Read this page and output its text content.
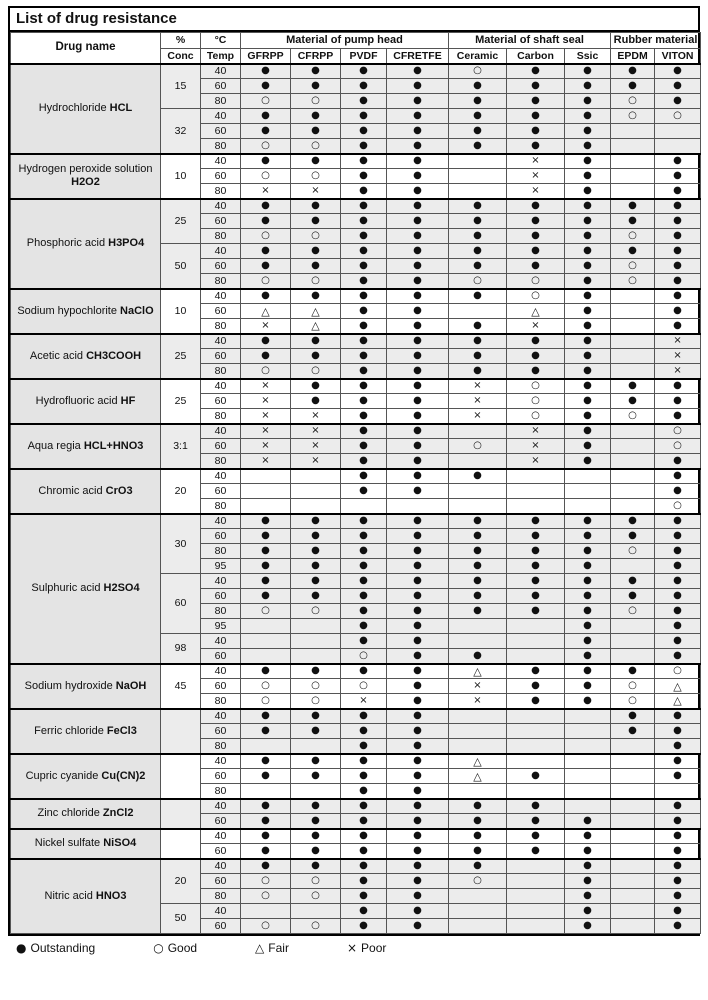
List of drug resistance
Drug name	%	°C	Material of pump head				Material of shaft seal			Rubber material	
	Conc	Temp	GFRPP	CFRPP	PVDF	CFRETFE	Ceramic	Carbon	Ssic	EPDM	VITON
Hydrochloride HCL	15	40	●	●	●	●	○	●	●	●	●
		60	●	●	●	●	●	●	●	●	●
		80	○	○	●	●	●	●	●	○	●
	32	40	●	●	●	●	●	●	●	○	○
		60	●	●	●	●	●	●	●		
		80	○	○	●	●	●	●	●		
Hydrogen peroxide solution H2O2	10	40	●	●	●	●		×	●		●
		60	○	○	●	●		×	●		●
		80	×	×	●	●		×	●		●
Phosphoric acid H3PO4	25	40	●	●	●	●	●	●	●	●	●
		60	●	●	●	●	●	●	●	●	●
		80	○	○	●	●	●	●	●	○	●
	50	40	●	●	●	●	●	●	●	●	●
		60	●	●	●	●	●	●	●	○	●
		80	○	○	●	●	○	○	●	○	●
Sodium hypochlorite NaClO	10	40	●	●	●	●	●	○	●		●
		60	△	△	●	●		△	●		●
		80	×	△	●	●	●	×	●		●
Acetic acid CH3COOH	25	40	●	●	●	●	●	●	●		×
		60	●	●	●	●	●	●	●		×
		80	○	○	●	●	●	●	●		×
Hydrofluoric acid HF	25	40	×	●	●	●	×	○	●	●	●
		60	×	●	●	●	×	○	●	●	●
		80	×	×	●	●	×	○	●	○	●
Aqua regia HCL+HNO3	3:1	40	×	×	●	●		×	●		○
		60	×	×	●	●	○	×	●		○
		80	×	×	●	●		×	●		●
Chromic acid CrO3	20	40			●	●	●				●
		60			●	●					●
		80									○
Sulphuric acid H2SO4	30	40	●	●	●	●	●	●	●	●	●
		60	●	●	●	●	●	●	●	●	●
		80	●	●	●	●	●	●	●	○	●
		95	●	●	●	●	●	●	●		●
	60	40	●	●	●	●	●	●	●	●	●
		60	●	●	●	●	●	●	●	●	●
		80	○	○	●	●	●	●	●	○	●
		95			●	●			●		●
	98	40			●	●			●		●
		60			○	●	●		●		●
Sodium hydroxide NaOH	45	40	●	●	●	●	△	●	●	●	○
		60	○	○	○	●	×	●	●	○	△
		80	○	○	×	●	×	●	●	○	△
Ferric chloride FeCl3		40	●	●	●	●				●	●
		60	●	●	●	●				●	●
		80			●	●					●
Cupric cyanide Cu(CN)2		40	●	●	●	●	△				●
		60	●	●	●	●	△	●			●
		80			●	●					
Zinc chloride ZnCl2		40	●	●	●	●	●	●			●
		60	●	●	●	●	●	●	●		●
Nickel sulfate NiSO4		40	●	●	●	●	●	●	●		●
		60	●	●	●	●	●	●	●		●
Nitric acid HNO3	20	40	●	●	●	●	●		●		●
		60	○	○	●	●	○		●		●
		80	○	○	●	●			●		●
	50	40			●	●			●		●
		60	○	○	●	●			●		●
● Outstanding	○ Good	△ Fair	× Poor
